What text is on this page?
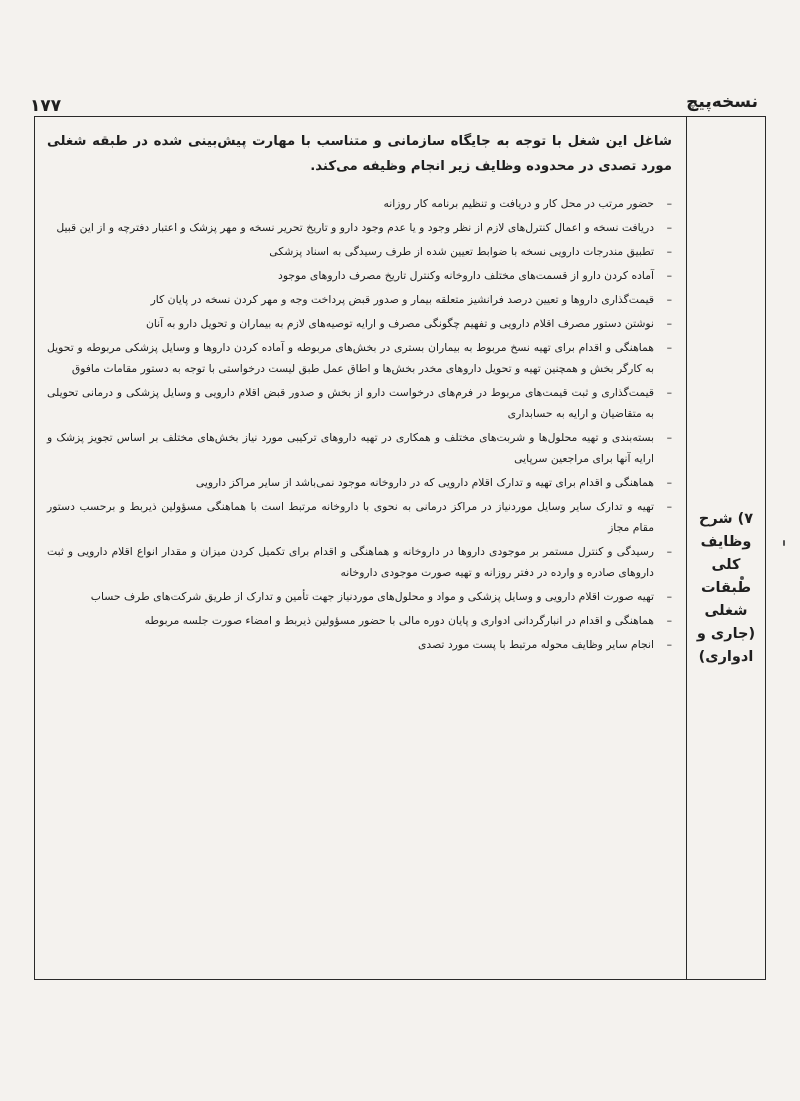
۱۷۷	نسخه‌پیچ
۷) شرح
وظایف
کلی
طبقات
شغلی
(جاری و
ادواری)

شاغل این شغل با توجه به جایگاه سازمانی و متناسب با مهارت پیش‌بینی شده در طبقه شغلی مورد تصدی در محدوده وظایف زیر انجام وظیفه می‌کند.

– حضور مرتب در محل کار و دریافت و تنظیم برنامه کار روزانه
– دریافت نسخه و اعمال کنترل‌های لازم از نظر وجود و یا عدم وجود دارو و تاریخ تحریر نسخه و مهر پزشک و اعتبار دفترچه و از این قبیل
– تطبیق مندرجات دارویی نسخه با ضوابط تعیین شده از طرف رسیدگی به اسناد پزشکی
– آماده کردن دارو از قسمت‌های مختلف داروخانه وکنترل تاریخ مصرف داروهای موجود
– قیمت‌گذاری داروها و تعیین درصد فرانشیز متعلقه بیمار و صدور قبض پرداخت وجه و مهر کردن نسخه در پایان کار
– نوشتن دستور مصرف اقلام دارویی و تفهیم چگونگی مصرف و ارایه توصیه‌های لازم به بیماران و تحویل دارو به آنان
– هماهنگی و اقدام برای تهیه نسخ مربوط به بیماران بستری در بخش‌های مربوطه و آماده کردن داروها و وسایل پزشکی مربوطه و تحویل به کارگر بخش و همچنین تهیه و تحویل داروهای مخدر بخش‌ها و اطاق عمل طبق لیست درخواستی با توجه به دستور مقامات مافوق
– قیمت‌گذاری و ثبت قیمت‌های مربوط در فرم‌های درخواست دارو از بخش و صدور قبض اقلام دارویی و وسایل پزشکی و درمانی تحویلی به متقاضیان و ارایه به حسابداری
– بسته‌بندی و تهیه محلول‌ها و شربت‌های مختلف و همکاری در تهیه داروهای ترکیبی مورد نیاز بخش‌های مختلف بر اساس تجویز پزشک و ارایه آنها برای مراجعین سرپایی
– هماهنگی و اقدام برای تهیه و تدارک اقلام دارویی که در داروخانه موجود نمی‌باشد از سایر مراکز دارویی
– تهیه و تدارک سایر وسایل موردنیاز در مراکز درمانی به نحوی با داروخانه مرتبط است با هماهنگی مسؤولین ذیربط و برحسب دستور مقام مجاز
– رسیدگی و کنترل مستمر بر موجودی داروها در داروخانه و هماهنگی و اقدام برای تکمیل کردن میزان و مقدار انواع اقلام دارویی و ثبت داروهای صادره و وارده در دفتر روزانه و تهیه صورت موجودی داروخانه
– تهیه صورت اقلام دارویی و وسایل پزشکی و مواد و محلول‌های موردنیاز جهت تأمین و تدارک از طریق شرکت‌های طرف حساب
– هماهنگی و اقدام در انبارگردانی ادواری و پایان دوره مالی با حضور مسؤولین ذیربط و امضاء صورت جلسه مربوطه
– انجام سایر وظایف محوله مرتبط با پست مورد تصدی
